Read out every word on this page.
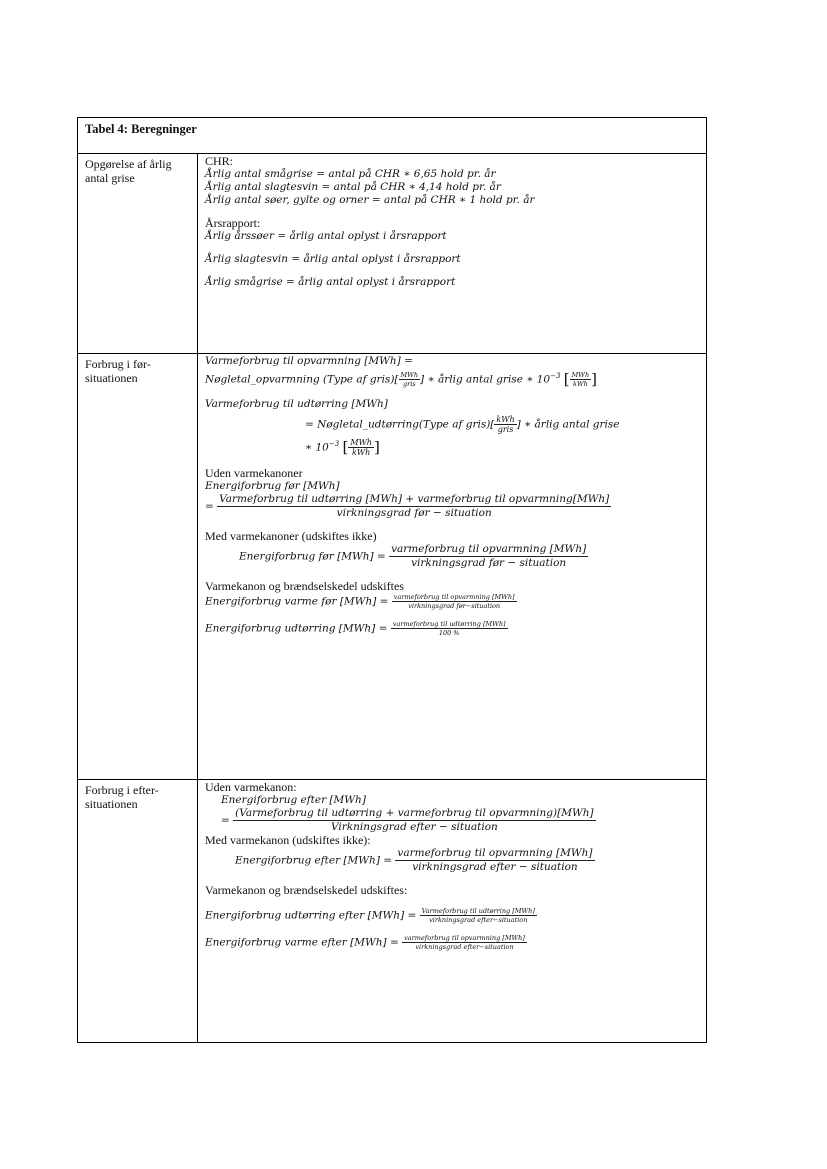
Tabel 4: Beregninger
Opgørelse af årlig antal grise
CHR:
Årlig antal smågrise = antal på CHR ∗ 6,65 hold pr. år
Årlig antal slagtesvin = antal på CHR ∗ 4,14 hold pr. år
Årlig antal søer, gylte og orner = antal på CHR ∗ 1 hold pr. år
Årsrapport:
Årlig årssøer = årlig antal oplyst i årsrapport
Årlig slagtesvin = årlig antal oplyst i årsrapport
Årlig smågrise = årlig antal oplyst i årsrapport
Forbrug i før-situationen
Varmeforbrug til opvarmning [MWh] =
Nøgletal_opvarmning (Type af gris)[ $\frac{\text{MWh}}{\text{gris}}$ ] ∗ årlig antal grise ∗ $10^{-3}$ [ $\frac{\text{MWh}}{\text{kWh}}$ ]
Varmeforbrug til udtørring [MWh]
= Nøgletal_udtørring(Type af gris)[ $\frac{\text{kWh}}{\text{gris}}$ ] ∗ årlig antal grise
∗ $10^{-3}$ [ $\frac{\text{MWh}}{\text{kWh}}$ ]
Uden varmekanoner
Energiforbrug før [MWh]
=
Varmeforbrug til udtørring [MWh] + varmeforbrug til opvarmning[MWh]
virkningsgrad før − situation
Med varmekanoner (udskiftes ikke)
Energiforbrug før $[MWh] = \frac{\text{varmeforbrug til opvarmning [MWh]}}{\text{virkningsgrad før − situation}}$
Varmekanon og brændselskedel udskiftes
Energiforbrug varme før $[MWh] = \frac{\text{varmeforbrug til opvarmning [MWh]}}{\text{virkningsgrad før−situation}}$
Energiforbrug udtørring $[MWh] = \frac{\text{varmeforbrug til udtørring [MWh]}}{100 \%}$
Forbrug i efter-situationen
Uden varmekanon:
Energiforbrug efter [MWh]
=
(Varmeforbrug til udtørring + varmeforbrug til opvarmning)[MWh]
Virkningsgrad efter − situation
Med varmekanon (udskiftes ikke):
Energiforbrug efter $[MWh] = \frac{\text{varmeforbrug til opvarmning [MWh]}}{\text{virkningsgrad efter − situation}}$
Varmekanon og brændselskedel udskiftes:
Energiforbrug udtørring efter $[MWh] = \frac{\text{Varmeforbrug til udtørring [MWh]}}{\text{virkningsgrad efter−situation}}$
Energiforbrug varme efter $[MWh] = \frac{\text{varmeforbrug til opvarmning [MWh]}}{\text{virkningsgrad efter−situation}}$
